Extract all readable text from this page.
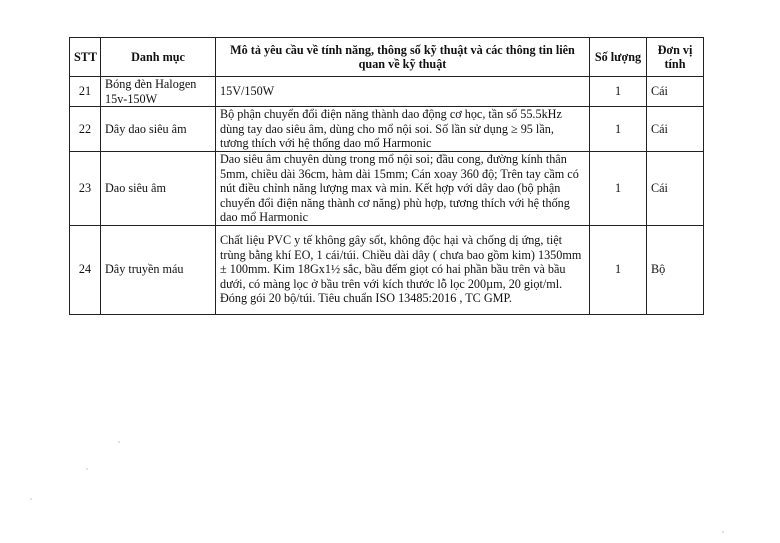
STT	Danh mục	Mô tả yêu cầu về tính năng, thông số kỹ thuật và các thông tin liên quan về kỹ thuật	Số lượng	Đơn vị tính
21	Bóng đèn Halogen 15v-150W	15V/150W	1	Cái
22	Dây dao siêu âm	Bộ phận chuyển đổi điện năng thành dao động cơ học, tần số 55.5kHz dùng tay dao siêu âm, dùng cho mổ nội soi. Số lần sử dụng ≥ 95 lần, tương thích với hệ thống dao mổ Harmonic	1	Cái
23	Dao siêu âm	Dao siêu âm chuyên dùng trong mổ nội soi; đầu cong, đường kính thân 5mm, chiều dài 36cm, hàm dài 15mm; Cán xoay 360 độ; Trên tay cầm có nút điều chỉnh năng lượng max và min. Kết hợp với dây dao (bộ phận chuyển đổi điện năng thành cơ năng) phù hợp, tương thích với hệ thống dao mổ Harmonic	1	Cái
24	Dây truyền máu	Chất liệu PVC y tế không gây sốt, không độc hại và chống dị ứng, tiệt trùng bằng khí EO, 1 cái/túi. Chiều dài dây ( chưa bao gồm kim) 1350mm ± 100mm. Kim 18Gx1½ sắc, bầu đếm giọt có hai phần bầu trên và bầu dưới, có màng lọc ở bầu trên với kích thước lỗ lọc 200µm, 20 giọt/ml. Đóng gói 20 bộ/túi. Tiêu chuẩn ISO 13485:2016 , TC GMP.	1	Bộ
